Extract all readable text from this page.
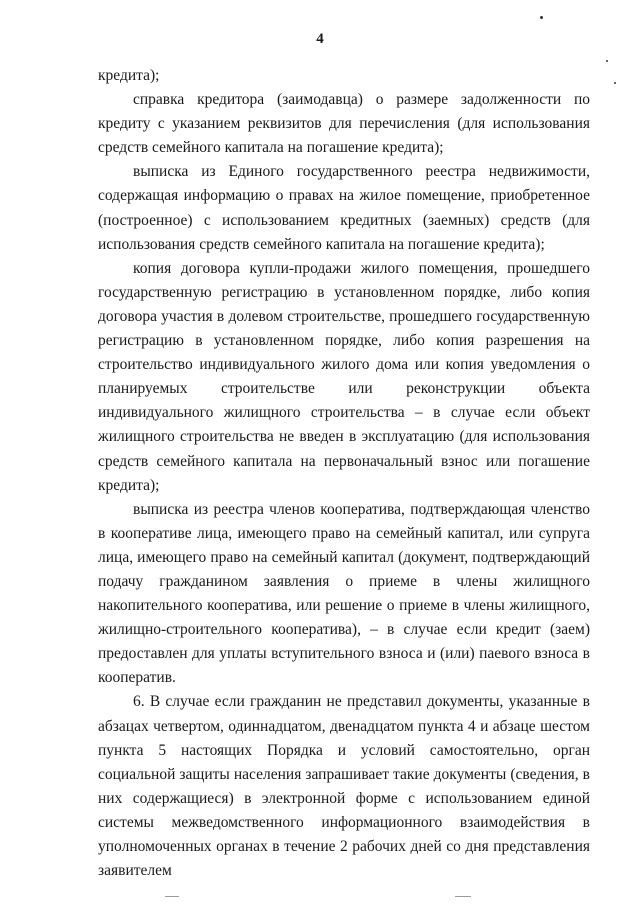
4

кредита);

справка кредитора (заимодавца) о размере задолженности по кредиту с указанием реквизитов для перечисления (для использования средств семейного капитала на погашение кредита);

выписка из Единого государственного реестра недвижимости, содержащая информацию о правах на жилое помещение, приобретенное (построенное) с использованием кредитных (заемных) средств (для использования средств семейного капитала на погашение кредита);

копия договора купли-продажи жилого помещения, прошедшего государственную регистрацию в установленном порядке, либо копия договора участия в долевом строительстве, прошедшего государственную регистрацию в установленном порядке, либо копия разрешения на строительство индивидуального жилого дома или копия уведомления о планируемых строительстве или реконструкции объекта индивидуального жилищного строительства – в случае если объект жилищного строительства не введен в эксплуатацию (для использования средств семейного капитала на первоначальный взнос или погашение кредита);

выписка из реестра членов кооператива, подтверждающая членство в кооперативе лица, имеющего право на семейный капитал, или супруга лица, имеющего право на семейный капитал (документ, подтверждающий подачу гражданином заявления о приеме в члены жилищного накопительного кооператива, или решение о приеме в члены жилищного, жилищно-строительного кооператива), – в случае если кредит (заем) предоставлен для уплаты вступительного взноса и (или) паевого взноса в кооператив.

6. В случае если гражданин не представил документы, указанные в абзацах четвертом, одиннадцатом, двенадцатом пункта 4 и абзаце шестом пункта 5 настоящих Порядка и условий самостоятельно, орган социальной защиты населения запрашивает такие документы (сведения, в них содержащиеся) в электронной форме с использованием единой системы межведомственного информационного взаимодействия в уполномоченных органах в течение 2 рабочих дней со дня представления заявителем
